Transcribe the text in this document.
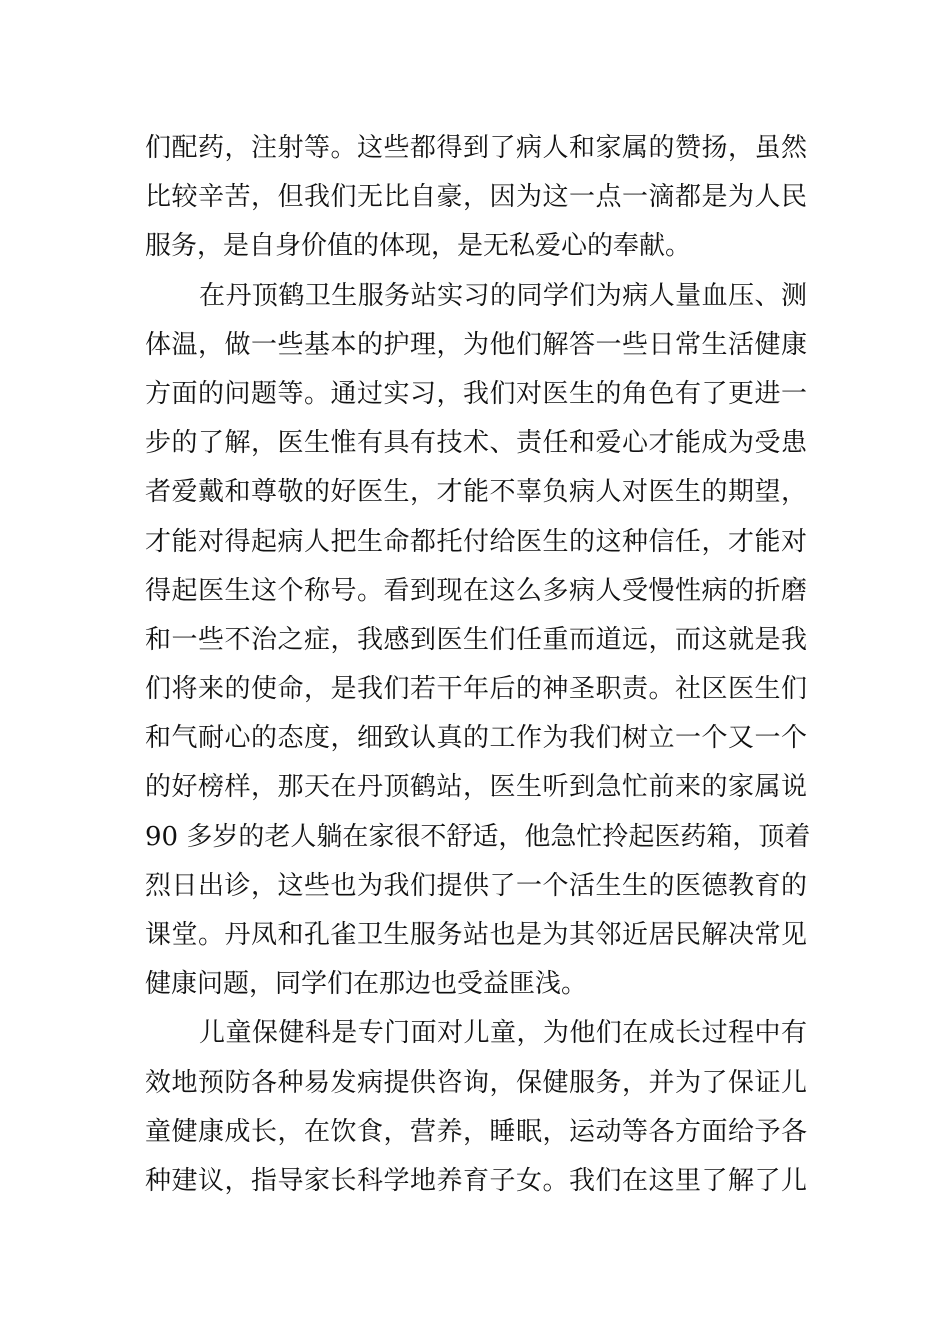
们配药，注射等。这些都得到了病人和家属的赞扬，虽然
比较辛苦，但我们无比自豪，因为这一点一滴都是为人民
服务，是自身价值的体现，是无私爱心的奉献。
在丹顶鹤卫生服务站实习的同学们为病人量血压、测
体温，做一些基本的护理，为他们解答一些日常生活健康
方面的问题等。通过实习，我们对医生的角色有了更进一
步的了解，医生惟有具有技术、责任和爱心才能成为受患
者爱戴和尊敬的好医生，才能不辜负病人对医生的期望，
才能对得起病人把生命都托付给医生的这种信任，才能对
得起医生这个称号。看到现在这么多病人受慢性病的折磨
和一些不治之症，我感到医生们任重而道远，而这就是我
们将来的使命，是我们若干年后的神圣职责。社区医生们
和气耐心的态度，细致认真的工作为我们树立一个又一个
的好榜样，那天在丹顶鹤站，医生听到急忙前来的家属说
90 多岁的老人躺在家很不舒适，他急忙拎起医药箱，顶着
烈日出诊，这些也为我们提供了一个活生生的医德教育的
课堂。丹凤和孔雀卫生服务站也是为其邻近居民解决常见
健康问题，同学们在那边也受益匪浅。
儿童保健科是专门面对儿童，为他们在成长过程中有
效地预防各种易发病提供咨询，保健服务，并为了保证儿
童健康成长，在饮食，营养，睡眠，运动等各方面给予各
种建议，指导家长科学地养育子女。我们在这里了解了儿
